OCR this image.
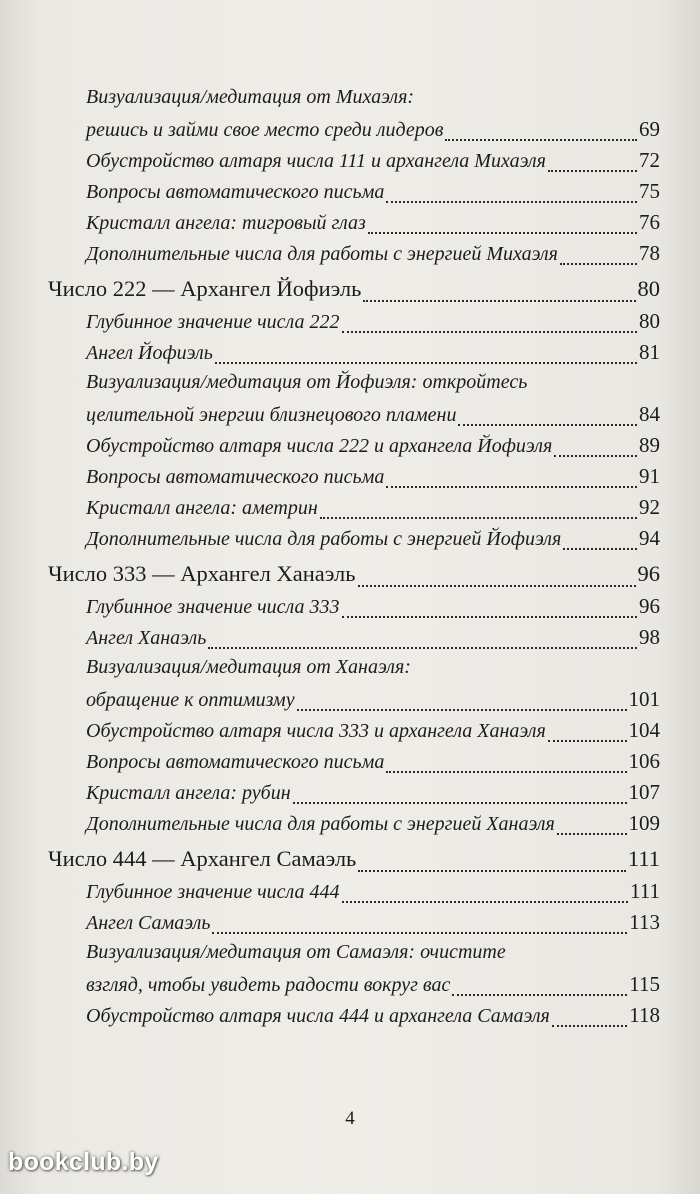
Визуализация/медитация от Михаэля:
решись и займи свое место среди лидеров	69
Обустройство алтаря числа 111 и архангела Михаэля	72
Вопросы автоматического письма	75
Кристалл ангела: тигровый глаз	76
Дополнительные числа для работы с энергией Михаэля	78
Число 222 — Архангел Йофиэль	80
Глубинное значение числа 222	80
Ангел Йофиэль	81
Визуализация/медитация от Йофиэля: откройтесь
целительной энергии близнецового пламени	84
Обустройство алтаря числа 222 и архангела Йофиэля	89
Вопросы автоматического письма	91
Кристалл ангела: аметрин	92
Дополнительные числа для работы с энергией Йофиэля	94
Число 333 — Архангел Ханаэль	96
Глубинное значение числа 333	96
Ангел Ханаэль	98
Визуализация/медитация от Ханаэля:
обращение к оптимизму	101
Обустройство алтаря числа 333 и архангела Ханаэля	104
Вопросы автоматического письма	106
Кристалл ангела: рубин	107
Дополнительные числа для работы с энергией Ханаэля	109
Число 444 — Архангел Самаэль	111
Глубинное значение числа 444	111
Ангел Самаэль	113
Визуализация/медитация от Самаэля: очистите
взгляд, чтобы увидеть радости вокруг вас	115
Обустройство алтаря числа 444 и архангела Самаэля	118
4
bookclub.by
